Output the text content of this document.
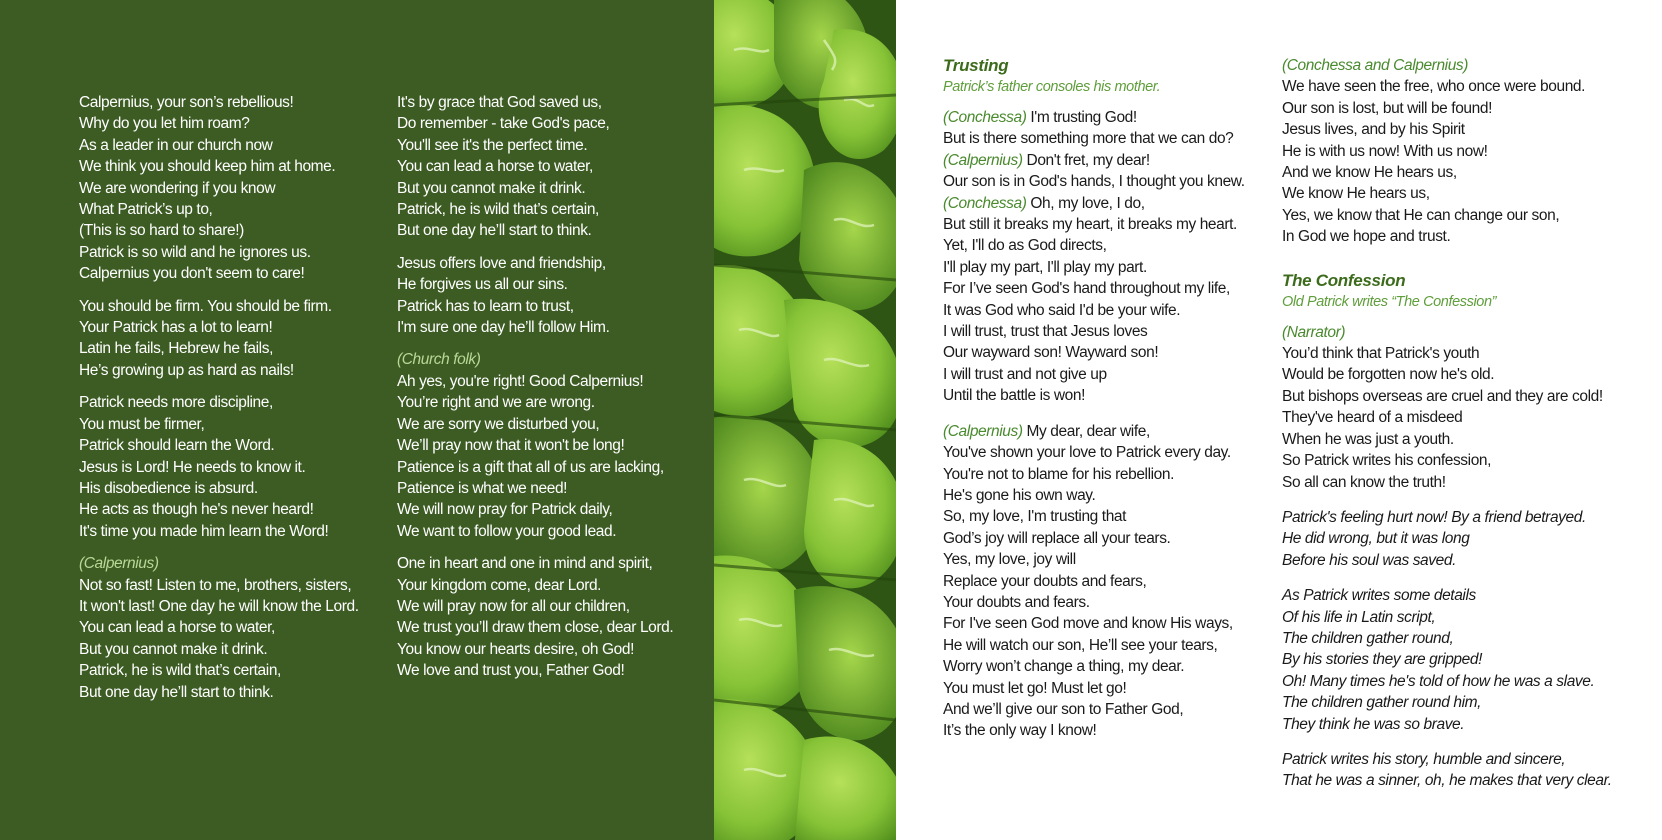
Calpernius, your son’s rebellious!
Why do you let him roam?
As a leader in our church now
We think you should keep him at home.
We are wondering if you know
What Patrick’s up to,
(This is so hard to share!)
Patrick is so wild and he ignores us.
Calpernius you don't seem to care!
You should be firm. You should be firm.
Your Patrick has a lot to learn!
Latin he fails, Hebrew he fails,
He’s growing up as hard as nails!
Patrick needs more discipline,
You must be firmer,
Patrick should learn the Word.
Jesus is Lord! He needs to know it.
His disobedience is absurd.
He acts as though he's never heard!
It's time you made him learn the Word!
(Calpernius)
Not so fast! Listen to me, brothers, sisters,
It won't last! One day he will know the Lord.
You can lead a horse to water,
But you cannot make it drink.
Patrick, he is wild that’s certain,
But one day he’ll start to think.
It's by grace that God saved us,
Do remember - take God's pace,
You'll see it's the perfect time.
You can lead a horse to water,
But you cannot make it drink.
Patrick, he is wild that’s certain,
But one day he’ll start to think.
Jesus offers love and friendship,
He forgives us all our sins.
Patrick has to learn to trust,
I'm sure one day he’ll follow Him.
(Church folk)
Ah yes, you're right! Good Calpernius!
You’re right and we are wrong.
We are sorry we disturbed you,
We’ll pray now that it won't be long!
Patience is a gift that all of us are lacking,
Patience is what we need!
We will now pray for Patrick daily,
We want to follow your good lead.
One in heart and one in mind and spirit,
Your kingdom come, dear Lord.
We will pray now for all our children,
We trust you’ll draw them close, dear Lord.
You know our hearts desire, oh God!
We love and trust you, Father God!
Trusting
Patrick’s father consoles his mother.
(Conchessa) I'm trusting God!
But is there something more that we can do?
(Calpernius) Don't fret, my dear!
Our son is in God's hands, I thought you knew.
(Conchessa) Oh, my love, I do,
But still it breaks my heart, it breaks my heart.
Yet, I'll do as God directs,
I'll play my part, I'll play my part.
For I’ve seen God's hand throughout my life,
It was God who said I'd be your wife.
I will trust, trust that Jesus loves
Our wayward son! Wayward son!
I will trust and not give up
Until the battle is won!
(Calpernius) My dear, dear wife,
You've shown your love to Patrick every day.
You're not to blame for his rebellion.
He's gone his own way.
So, my love, I'm trusting that
God’s joy will replace all your tears.
Yes, my love, joy will
Replace your doubts and fears,
Your doubts and fears.
For I've seen God move and know His ways,
He will watch our son, He’ll see your tears,
Worry won’t change a thing, my dear.
You must let go! Must let go!
And we’ll give our son to Father God,
It’s the only way I know!
(Conchessa and Calpernius)
We have seen the free, who once were bound.
Our son is lost, but will be found!
Jesus lives, and by his Spirit
He is with us now! With us now!
And we know He hears us,
We know He hears us,
Yes, we know that He can change our son,
In God we hope and trust.
The Confession
Old Patrick writes “The Confession”
(Narrator)
You’d think that Patrick's youth
Would be forgotten now he's old.
But bishops overseas are cruel and they are cold!
They've heard of a misdeed
When he was just a youth.
So Patrick writes his confession,
So all can know the truth!
Patrick's feeling hurt now! By a friend betrayed.
He did wrong, but it was long
Before his soul was saved.
As Patrick writes some details
Of his life in Latin script,
The children gather round,
By his stories they are gripped!
Oh! Many times he's told of how he was a slave.
The children gather round him,
They think he was so brave.
Patrick writes his story, humble and sincere,
That he was a sinner, oh, he makes that very clear.
